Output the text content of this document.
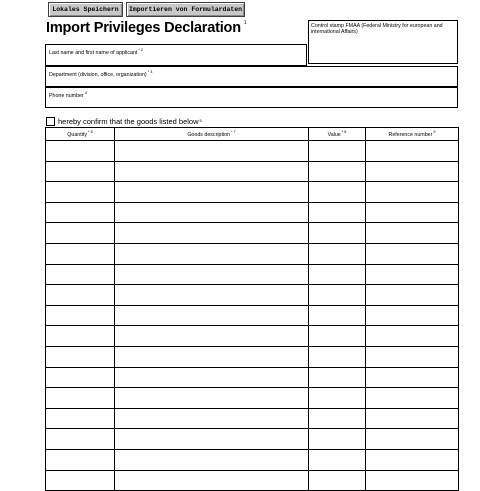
Lokales Speichern	Importieren von Formulardaten
Import Privileges Declaration $^1$	Control stamp FMAA (Federal Ministry for european and international Affairs)
Last name and first name of applicant$^{* 2}$
Department (division, office, organization)$^{* 3}$
Phone number$^4$
hereby confirm that the goods listed below 5
Quantity$^{* 6}$	Goods description$^{* 7}$	Value$^{* 8}$	Reference number$^9$
